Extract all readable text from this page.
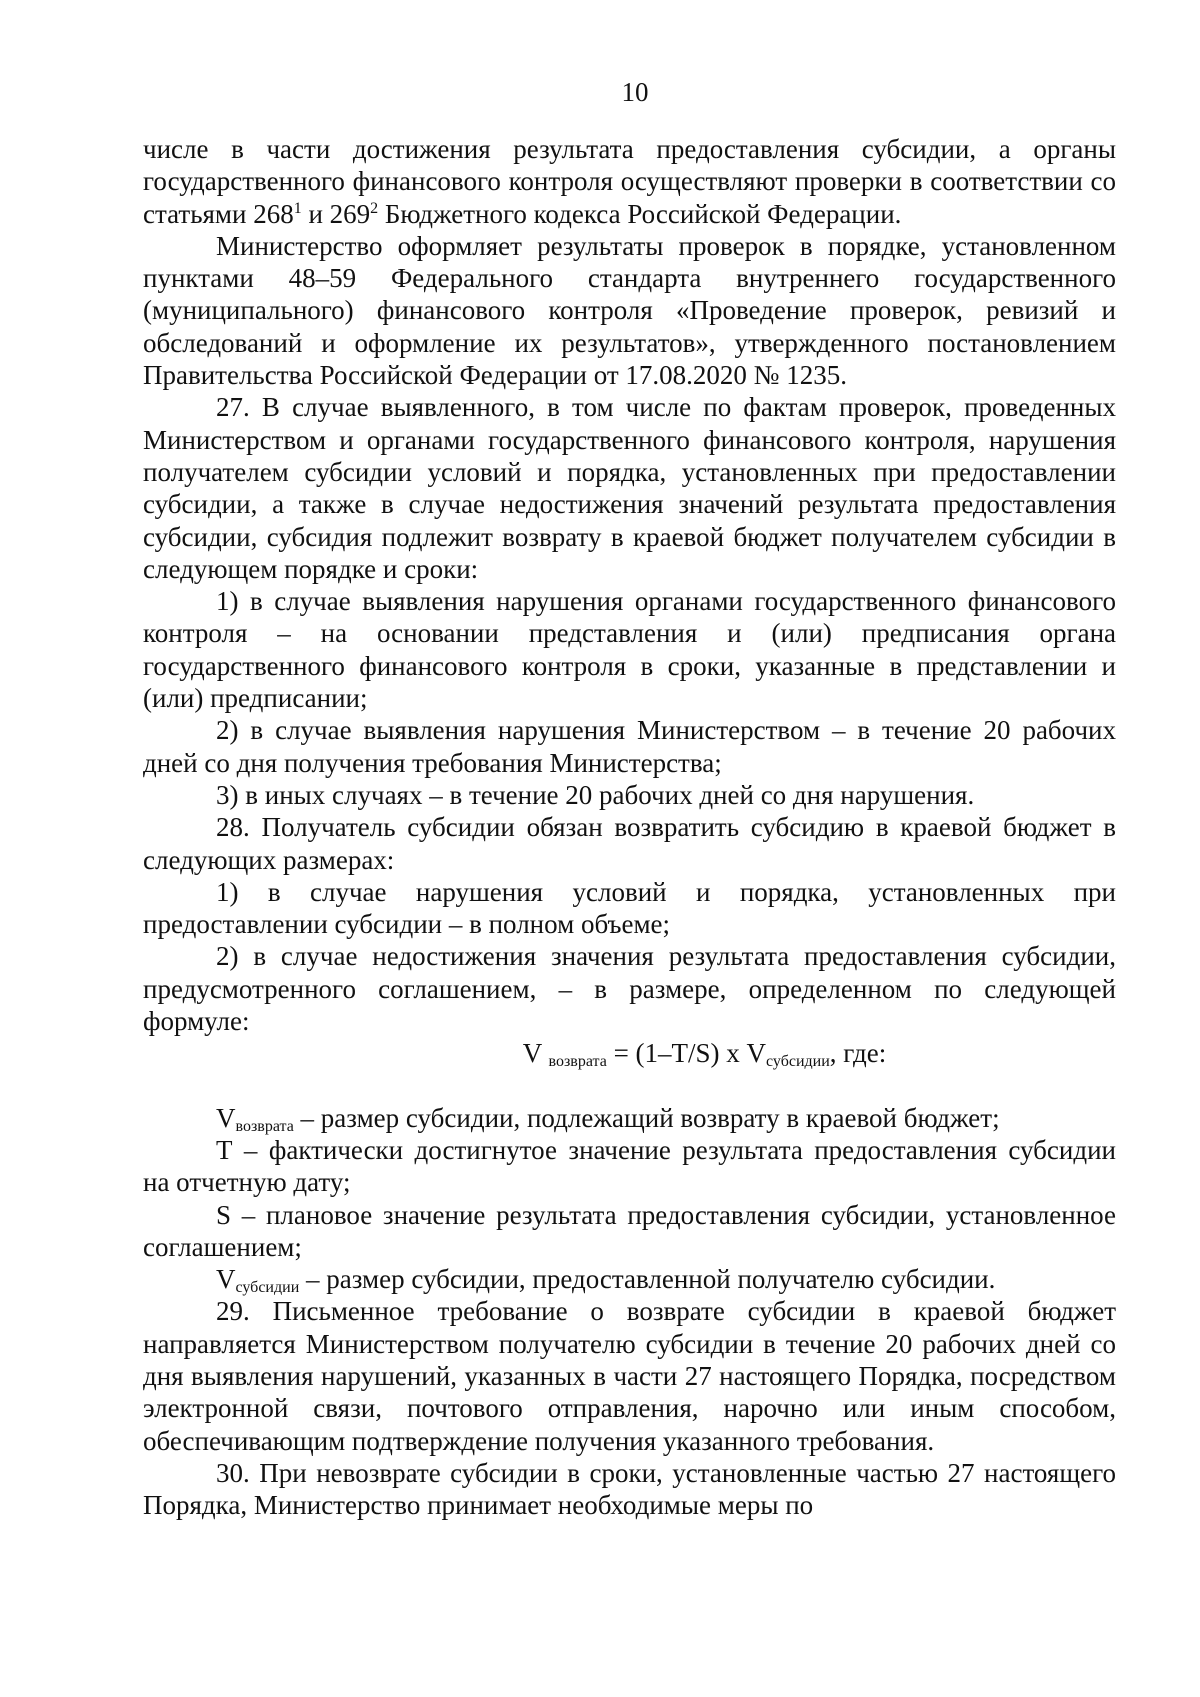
10

числе в части достижения результата предоставления субсидии, а органы государственного финансового контроля осуществляют проверки в соответствии со статьями $268^1$ и $269^2$ Бюджетного кодекса Российской Федерации.

Министерство оформляет результаты проверок в порядке, установленном пунктами 48–59 Федерального стандарта внутреннего государственного (муниципального) финансового контроля «Проведение проверок, ревизий и обследований и оформление их результатов», утвержденного постановлением Правительства Российской Федерации от 17.08.2020 № 1235.

27. В случае выявленного, в том числе по фактам проверок, проведенных Министерством и органами государственного финансового контроля, нарушения получателем субсидии условий и порядка, установленных при предоставлении субсидии, а также в случае недостижения значений результата предоставления субсидии, субсидия подлежит возврату в краевой бюджет получателем субсидии в следующем порядке и сроки:

1) в случае выявления нарушения органами государственного финансового контроля – на основании представления и (или) предписания органа государственного финансового контроля в сроки, указанные в представлении и (или) предписании;

2) в случае выявления нарушения Министерством – в течение 20 рабочих дней со дня получения требования Министерства;

3) в иных случаях – в течение 20 рабочих дней со дня нарушения.

28. Получатель субсидии обязан возвратить субсидию в краевой бюджет в следующих размерах:

1) в случае нарушения условий и порядка, установленных при предоставлении субсидии – в полном объеме;

2) в случае недостижения значения результата предоставления субсидии, предусмотренного соглашением, – в размере, определенном по следующей формуле:

V $_{возврата}$ = (1–T/S) х $V_{субсидии}$, где:

$V_{возврата}$ – размер субсидии, подлежащий возврату в краевой бюджет;

Т – фактически достигнутое значение результата предоставления субсидии на отчетную дату;

S – плановое значение результата предоставления субсидии, установленное соглашением;

$V_{субсидии}$ – размер субсидии, предоставленной получателю субсидии.

29. Письменное требование о возврате субсидии в краевой бюджет направляется Министерством получателю субсидии в течение 20 рабочих дней со дня выявления нарушений, указанных в части 27 настоящего Порядка, посредством электронной связи, почтового отправления, нарочно или иным способом, обеспечивающим подтверждение получения указанного требования.

30. При невозврате субсидии в сроки, установленные частью 27 настоящего Порядка, Министерство принимает необходимые меры по
